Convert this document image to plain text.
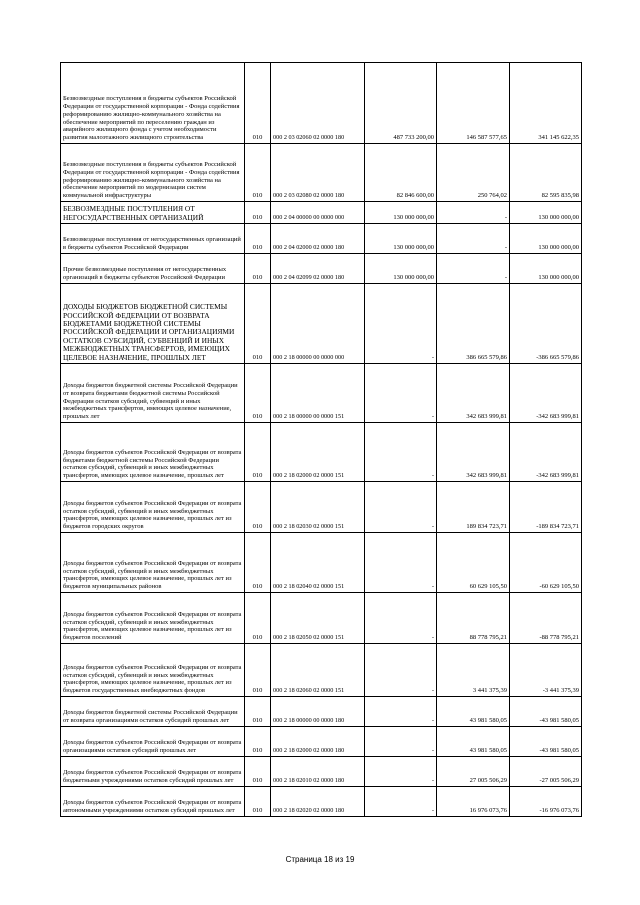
Безвозмездные поступления в бюджеты субъектов Российской Федерации от государственной корпорации - Фонда содействия реформированию жилищно-коммунального хозяйства на обеспечение мероприятий по переселению граждан из аварийного жилищного фонда с учетом необходимости развития малоэтажного жилищного строительства	010	000 2 03 02060 02 0000 180	487 733 200,00	146 587 577,65	341 145 622,35
Безвозмездные поступления в бюджеты субъектов Российской Федерации от государственной корпорации - Фонда содействия реформированию жилищно-коммунального хозяйства на обеспечение мероприятий по модернизации систем коммунальной инфраструктуры	010	000 2 03 02080 02 0000 180	82 846 600,00	250 764,02	82 595 835,98
БЕЗВОЗМЕЗДНЫЕ ПОСТУПЛЕНИЯ ОТ НЕГОСУДАРСТВЕННЫХ ОРГАНИЗАЦИЙ	010	000 2 04 00000 00 0000 000	130 000 000,00	-	130 000 000,00
Безвозмездные поступления от негосударственных организаций в бюджеты субъектов Российской Федерации	010	000 2 04 02000 02 0000 180	130 000 000,00	-	130 000 000,00
Прочие безвозмездные поступления от негосударственных организаций в бюджеты субъектов Российской Федерации	010	000 2 04 02099 02 0000 180	130 000 000,00	-	130 000 000,00
ДОХОДЫ БЮДЖЕТОВ БЮДЖЕТНОЙ СИСТЕМЫ РОССИЙСКОЙ ФЕДЕРАЦИИ ОТ ВОЗВРАТА БЮДЖЕТАМИ БЮДЖЕТНОЙ СИСТЕМЫ РОССИЙСКОЙ ФЕДЕРАЦИИ И ОРГАНИЗАЦИЯМИ ОСТАТКОВ СУБСИДИЙ, СУБВЕНЦИЙ И ИНЫХ МЕЖБЮДЖЕТНЫХ ТРАНСФЕРТОВ, ИМЕЮЩИХ ЦЕЛЕВОЕ НАЗНАЧЕНИЕ, ПРОШЛЫХ ЛЕТ	010	000 2 18 00000 00 0000 000	-	386 665 579,86	-386 665 579,86
Доходы бюджетов бюджетной системы Российской Федерации от возврата бюджетами бюджетной системы Российской Федерации остатков субсидий, субвенций и иных межбюджетных трансфертов, имеющих целевое назначение, прошлых лет	010	000 2 18 00000 00 0000 151	-	342 683 999,81	-342 683 999,81
Доходы бюджетов субъектов Российской Федерации от возврата бюджетами бюджетной системы Российской Федерации остатков субсидий, субвенций и иных межбюджетных трансфертов, имеющих целевое назначение, прошлых лет	010	000 2 18 02000 02 0000 151	-	342 683 999,81	-342 683 999,81
Доходы бюджетов субъектов Российской Федерации от возврата остатков субсидий, субвенций и иных межбюджетных трансфертов, имеющих целевое назначение, прошлых лет из бюджетов городских округов	010	000 2 18 02030 02 0000 151	-	189 834 723,71	-189 834 723,71
Доходы бюджетов субъектов Российской Федерации от возврата остатков субсидий, субвенций и иных межбюджетных трансфертов, имеющих целевое назначение, прошлых лет из бюджетов муниципальных районов	010	000 2 18 02040 02 0000 151	-	60 629 105,50	-60 629 105,50
Доходы бюджетов субъектов Российской Федерации от возврата остатков субсидий, субвенций и иных межбюджетных трансфертов, имеющих целевое назначение, прошлых лет из бюджетов поселений	010	000 2 18 02050 02 0000 151	-	88 778 795,21	-88 778 795,21
Доходы бюджетов субъектов Российской Федерации от возврата остатков субсидий, субвенций и иных межбюджетных трансфертов, имеющих целевое назначение, прошлых лет из бюджетов государственных внебюджетных фондов	010	000 2 18 02060 02 0000 151	-	3 441 375,39	-3 441 375,39
Доходы бюджетов бюджетной системы Российской Федерации от возврата организациями остатков субсидий прошлых лет	010	000 2 18 00000 00 0000 180	-	43 981 580,05	-43 981 580,05
Доходы бюджетов субъектов Российской Федерации от возврата организациями остатков субсидий прошлых лет	010	000 2 18 02000 02 0000 180	-	43 981 580,05	-43 981 580,05
Доходы бюджетов субъектов Российской Федерации от возврата бюджетными учреждениями остатков субсидий прошлых лет	010	000 2 18 02010 02 0000 180	-	27 005 506,29	-27 005 506,29
Доходы бюджетов субъектов Российской Федерации от возврата автономными учреждениями остатков субсидий прошлых лет	010	000 2 18 02020 02 0000 180	-	16 976 073,76	-16 976 073,76
Страница 18 из 19
